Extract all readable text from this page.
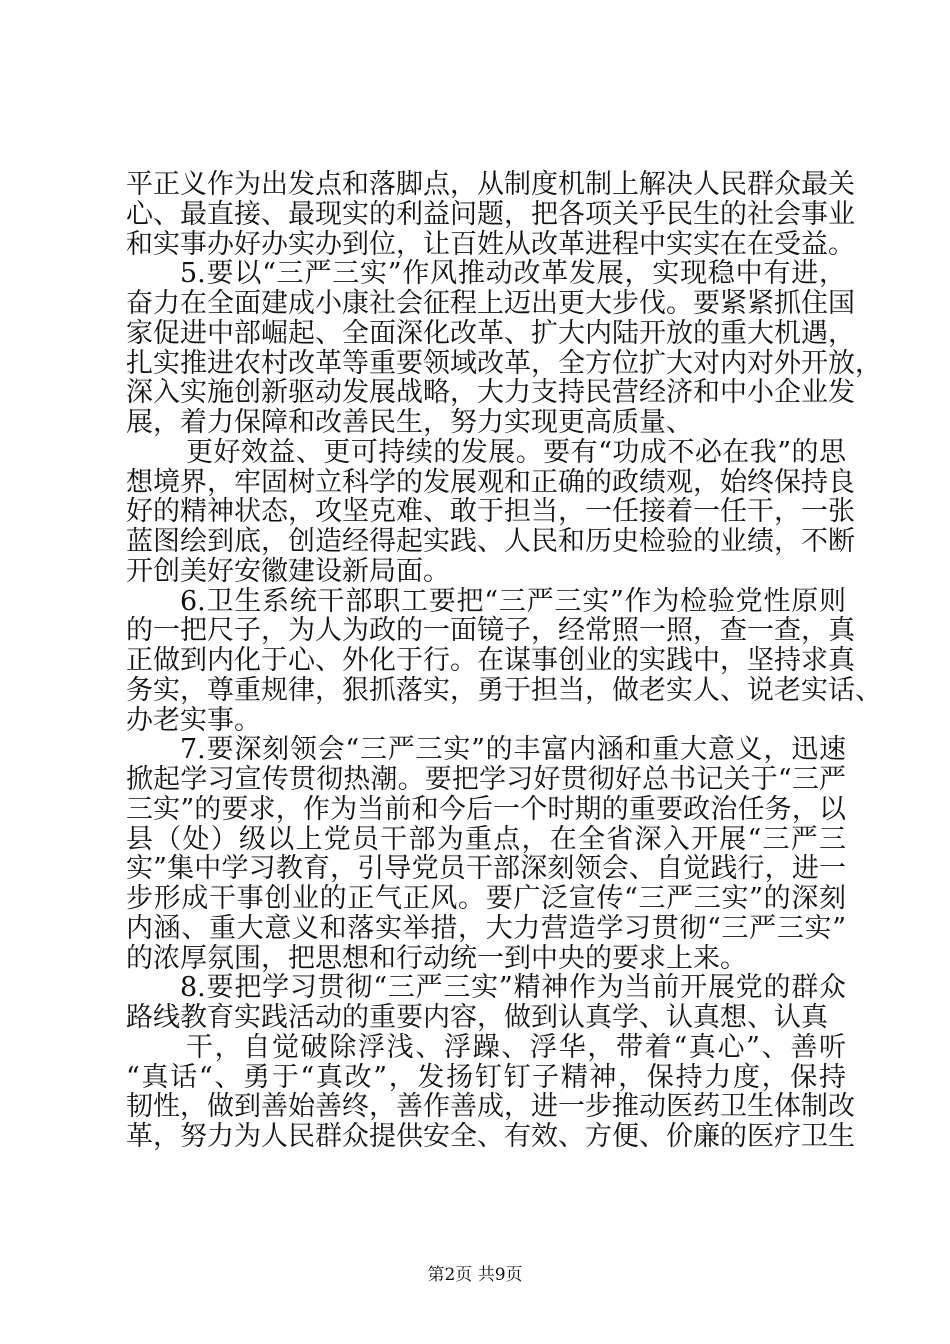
平正义作为出发点和落脚点，从制度机制上解决人民群众最关
心、最直接、最现实的利益问题，把各项关乎民生的社会事业
和实事办好办实办到位，让百姓从改革进程中实实在在受益。
5.要以“三严三实”作风推动改革发展，实现稳中有进，
奋力在全面建成小康社会征程上迈出更大步伐。要紧紧抓住国
家促进中部崛起、全面深化改革、扩大内陆开放的重大机遇，
扎实推进农村改革等重要领域改革，全方位扩大对内对外开放，
深入实施创新驱动发展战略，大力支持民营经济和中小企业发
展，着力保障和改善民生，努力实现更高质量、
更好效益、更可持续的发展。要有“功成不必在我”的思
想境界，牢固树立科学的发展观和正确的政绩观，始终保持良
好的精神状态，攻坚克难、敢于担当，一任接着一任干，一张
蓝图绘到底，创造经得起实践、人民和历史检验的业绩，不断
开创美好安徽建设新局面。
6.卫生系统干部职工要把“三严三实”作为检验党性原则
的一把尺子，为人为政的一面镜子，经常照一照，查一查，真
正做到内化于心、外化于行。在谋事创业的实践中，坚持求真
务实，尊重规律，狠抓落实，勇于担当，做老实人、说老实话、
办老实事。
7.要深刻领会“三严三实”的丰富内涵和重大意义，迅速
掀起学习宣传贯彻热潮。要把学习好贯彻好总书记关于“三严
三实”的要求，作为当前和今后一个时期的重要政治任务，以
县（处）级以上党员干部为重点，在全省深入开展“三严三
实”集中学习教育，引导党员干部深刻领会、自觉践行，进一
步形成干事创业的正气正风。要广泛宣传“三严三实”的深刻
内涵、重大意义和落实举措，大力营造学习贯彻“三严三实”
的浓厚氛围，把思想和行动统一到中央的要求上来。
8.要把学习贯彻“三严三实”精神作为当前开展党的群众
路线教育实践活动的重要内容，做到认真学、认真想、认真
干，自觉破除浮浅、浮躁、浮华，带着“真心”、善听
“真话“、勇于“真改”，发扬钉钉子精神，保持力度，保持
韧性，做到善始善终，善作善成，进一步推动医药卫生体制改
革，努力为人民群众提供安全、有效、方便、价廉的医疗卫生
第2页 共9页
